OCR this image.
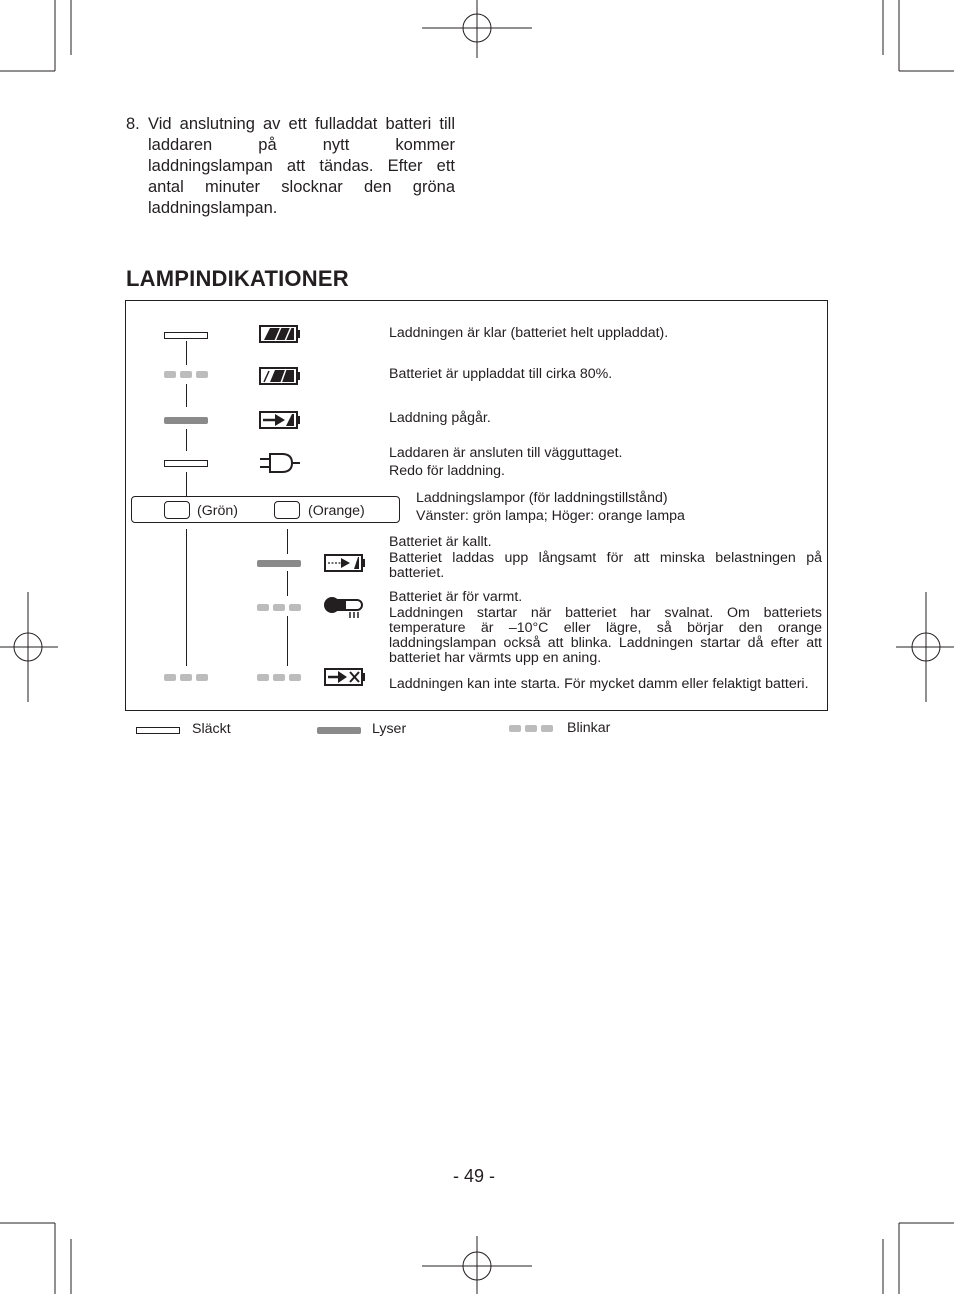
8. Vid anslutning av ett fulladdat batteri till laddaren på nytt kommer laddningslampan att tändas. Efter ett antal minuter slocknar den gröna laddningslampan.
LAMPINDIKATIONER
Laddningen är klar (batteriet helt uppladdat).
Batteriet är uppladdat till cirka 80%.
Laddning pågår.
Laddaren är ansluten till vägguttaget.
Redo för laddning.
(Grön)	(Orange)
Laddningslampor (för laddningstillstånd)
Vänster: grön lampa; Höger: orange lampa
Batteriet är kallt.
Batteriet laddas upp långsamt för att minska belastningen på batteriet.
Batteriet är för varmt.
Laddningen startar när batteriet har svalnat. Om batteriets temperature är –10°C eller lägre, så börjar den orange laddningslampan också att blinka. Laddningen startar då efter att batteriet har värmts upp en aning.
Laddningen kan inte starta. För mycket damm eller felaktigt batteri.
Släckt	Lyser	Blinkar
- 49 -
